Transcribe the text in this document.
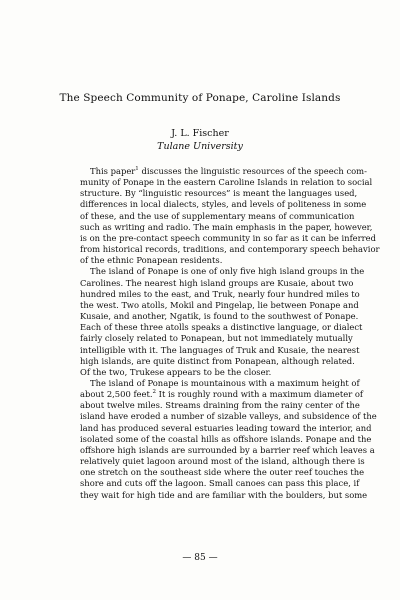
The Speech Community of Ponape, Caroline Islands
J. L. Fischer
Tulane University
This paper$^1$ discusses the linguistic resources of the speech com-
munity of Ponape in the eastern Caroline Islands in relation to social
structure. By “linguistic resources” is meant the languages used,
differences in local dialects, styles, and levels of politeness in some
of these, and the use of supplementary means of communication
such as writing and radio. The main emphasis in the paper, however,
is on the pre-contact speech community in so far as it can be inferred
from historical records, traditions, and contemporary speech behavior
of the ethnic Ponapean residents.
The island of Ponape is one of only five high island groups in the
Carolines. The nearest high island groups are Kusaie, about two
hundred miles to the east, and Truk, nearly four hundred miles to
the west. Two atolls, Mokil and Pingelap, lie between Ponape and
Kusaie, and another, Ngatik, is found to the southwest of Ponape.
Each of these three atolls speaks a distinctive language, or dialect
fairly closely related to Ponapean, but not immediately mutually
intelligible with it. The languages of Truk and Kusaie, the nearest
high islands, are quite distinct from Ponapean, although related.
Of the two, Trukese appears to be the closer.
The island of Ponape is mountainous with a maximum height of
about 2,500 feet.$^2$ It is roughly round with a maximum diameter of
about twelve miles. Streams draining from the rainy center of the
island have eroded a number of sizable valleys, and subsidence of the
land has produced several estuaries leading toward the interior, and
isolated some of the coastal hills as offshore islands. Ponape and the
offshore high islands are surrounded by a barrier reef which leaves a
relatively quiet lagoon around most of the island, although there is
one stretch on the southeast side where the outer reef touches the
shore and cuts off the lagoon. Small canoes can pass this place, if
they wait for high tide and are familiar with the boulders, but some
— 85 —
